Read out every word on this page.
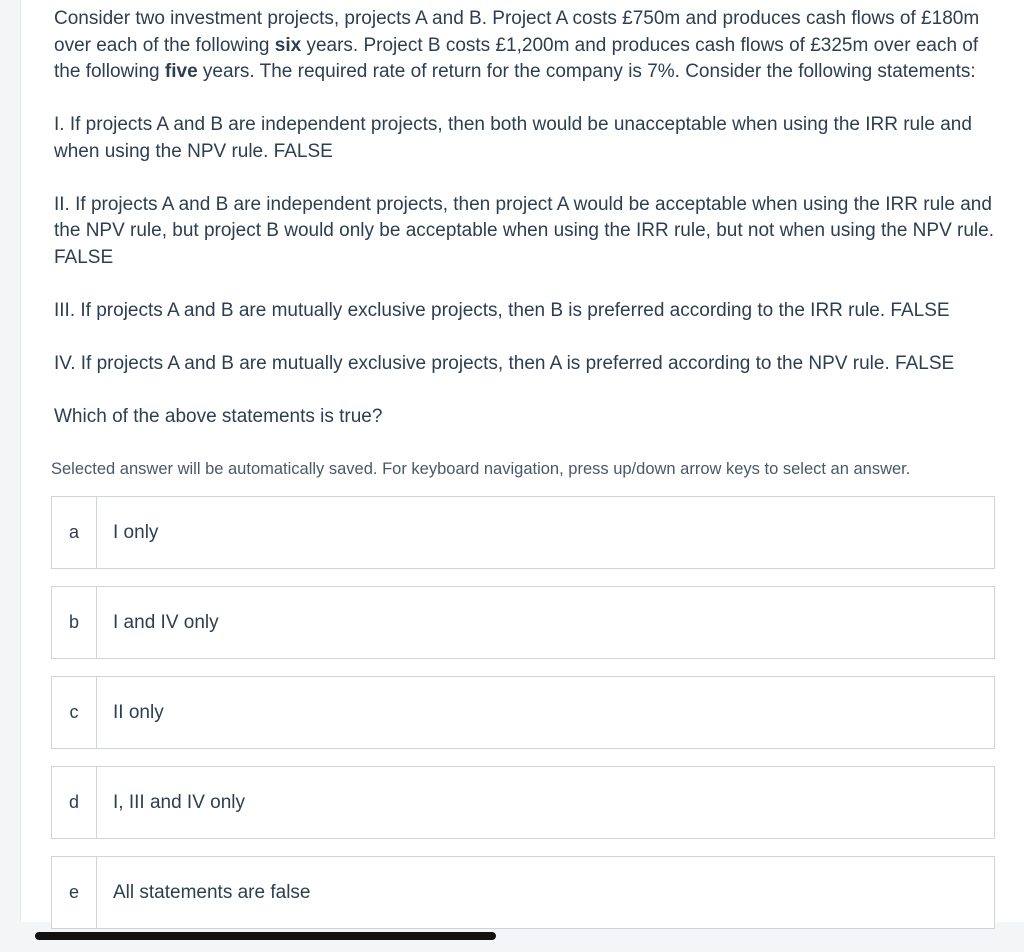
Consider two investment projects, projects A and B. Project A costs £750m and produces cash flows of £180m over each of the following six years. Project B costs £1,200m and produces cash flows of £325m over each of the following five years. The required rate of return for the company is 7%. Consider the following statements:

I. If projects A and B are independent projects, then both would be unacceptable when using the IRR rule and when using the NPV rule. FALSE

II. If projects A and B are independent projects, then project A would be acceptable when using the IRR rule and the NPV rule, but project B would only be acceptable when using the IRR rule, but not when using the NPV rule. FALSE

III. If projects A and B are mutually exclusive projects, then B is preferred according to the IRR rule. FALSE

IV. If projects A and B are mutually exclusive projects, then A is preferred according to the NPV rule. FALSE

Which of the above statements is true?

Selected answer will be automatically saved. For keyboard navigation, press up/down arrow keys to select an answer.
a	I only
b	I and IV only
c	II only
d	I, III and IV only
e	All statements are false
